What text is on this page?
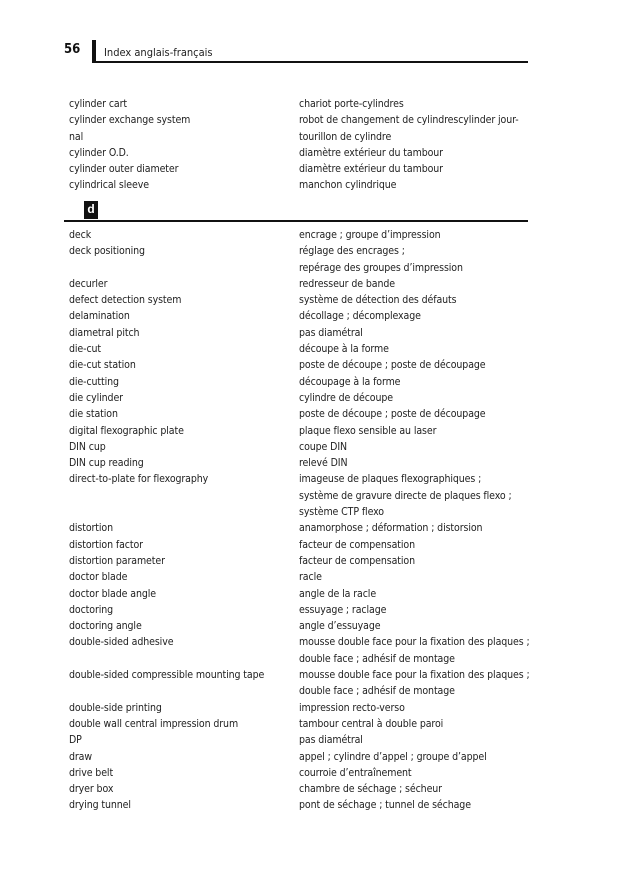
56 Index anglais-français
cylinder cart	chariot porte-cylindres
cylinder exchange system	robot de changement de cylindrescylinder jour-
nal	tourillon de cylindre
cylinder O.D.	diamètre extérieur du tambour
cylinder outer diameter	diamètre extérieur du tambour
cylindrical sleeve	manchon cylindrique
d
deck	encrage ; groupe d’impression
deck positioning	réglage des encrages ;
repérage des groupes d’impression
decurler	redresseur de bande
defect detection system	système de détection des défauts
delamination	décollage ; décomplexage
diametral pitch	pas diamétral
die-cut	découpe à la forme
die-cut station	poste de découpe ; poste de découpage
die-cutting	découpage à la forme
die cylinder	cylindre de découpe
die station	poste de découpe ; poste de découpage
digital flexographic plate	plaque flexo sensible au laser
DIN cup	coupe DIN
DIN cup reading	relevé DIN
direct-to-plate for flexography	imageuse de plaques flexographiques ;
système de gravure directe de plaques flexo ;
système CTP flexo
distortion	anamorphose ; déformation ; distorsion
distortion factor	facteur de compensation
distortion parameter	facteur de compensation
doctor blade	racle
doctor blade angle	angle de la racle
doctoring	essuyage ; raclage
doctoring angle	angle d’essuyage
double-sided adhesive	mousse double face pour la fixation des plaques ;
double face ; adhésif de montage
double-sided compressible mounting tape	mousse double face pour la fixation des plaques ;
double face ; adhésif de montage
double-side printing	impression recto-verso
double wall central impression drum	tambour central à double paroi
DP	pas diamétral
draw	appel ; cylindre d’appel ; groupe d’appel
drive belt	courroie d’entraînement
dryer box	chambre de séchage ; sécheur
drying tunnel	pont de séchage ; tunnel de séchage
